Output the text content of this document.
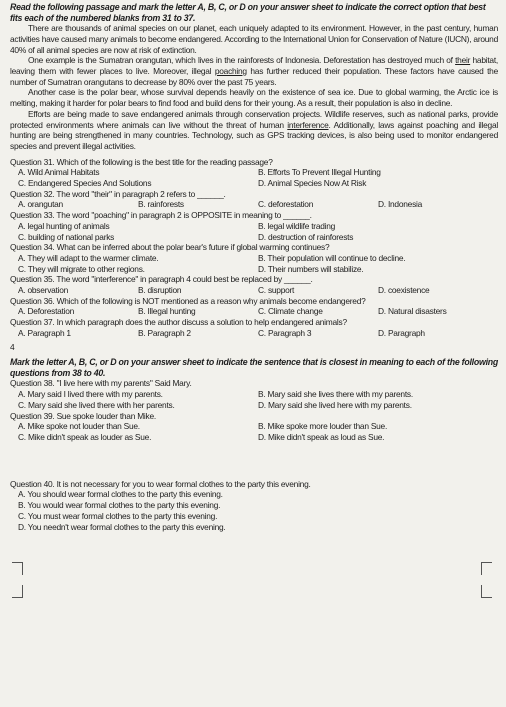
Read the following passage and mark the letter A, B, C, or D on your answer sheet to indicate the correct option that best fits each of the numbered blanks from 31 to 37.

There are thousands of animal species on our planet, each uniquely adapted to its environment. However, in the past century, human activities have caused many animals to become endangered. According to the International Union for Conservation of Nature (IUCN), around 40% of all animal species are now at risk of extinction.

One example is the Sumatran orangutan, which lives in the rainforests of Indonesia. Deforestation has destroyed much of their habitat, leaving them with fewer places to live. Moreover, illegal poaching has further reduced their population. These factors have caused the number of Sumatran orangutans to decrease by 80% over the past 75 years.

Another case is the polar bear, whose survival depends heavily on the existence of sea ice. Due to global warming, the Arctic ice is melting, making it harder for polar bears to find food and build dens for their young. As a result, their population is also in decline.

Efforts are being made to save endangered animals through conservation projects. Wildlife reserves, such as national parks, provide protected environments where animals can live without the threat of human interference. Additionally, laws against poaching and illegal hunting are being strengthened in many countries. Technology, such as GPS tracking devices, is also being used to monitor endangered species and prevent illegal activities.

Question 31. Which of the following is the best title for the reading passage?
A. Wild Animal Habitats	B. Efforts To Prevent Illegal Hunting
C. Endangered Species And Solutions	D. Animal Species Now At Risk
Question 32. The word "their" in paragraph 2 refers to ______.
A. orangutan	B. rainforests	C. deforestation	D. Indonesia
Question 33. The word "poaching" in paragraph 2 is OPPOSITE in meaning to ______.
A. legal hunting of animals	B. legal wildlife trading
C. building of national parks	D. destruction of rainforests
Question 34. What can be inferred about the polar bear's future if global warming continues?
A. They will adapt to the warmer climate.	B. Their population will continue to decline.
C. They will migrate to other regions.	D. Their numbers will stabilize.
Question 35. The word "interference" in paragraph 4 could best be replaced by ______.
A. observation	B. disruption	C. support	D. coexistence
Question 36. Which of the following is NOT mentioned as a reason why animals become endangered?
A. Deforestation	B. Illegal hunting	C. Climate change	D. Natural disasters
Question 37. In which paragraph does the author discuss a solution to help endangered animals?
A. Paragraph 1	B. Paragraph 2	C. Paragraph 3	D. Paragraph
4
Mark the letter A, B, C, or D on your answer sheet to indicate the sentence that is closest in meaning to each of the following questions from 38 to 40.
Question 38. "I live here with my parents" Said Mary.
A. Mary said I lived there with my parents.	B. Mary said she lives there with my parents.
C. Mary said she lived there with her parents.	D. Mary said she lived here with my parents.
Question 39. Sue spoke louder than Mike.
A. Mike spoke not louder than Sue.	B. Mike spoke more louder than Sue.
C. Mike didn't speak as louder as Sue.	D. Mike didn't speak as loud as Sue.
Question 40. It is not necessary for you to wear formal clothes to the party this evening.
A. You should wear formal clothes to the party this evening.
B. You would wear formal clothes to the party this evening.
C. You must wear formal clothes to the party this evening.
D. You needn't wear formal clothes to the party this evening.
